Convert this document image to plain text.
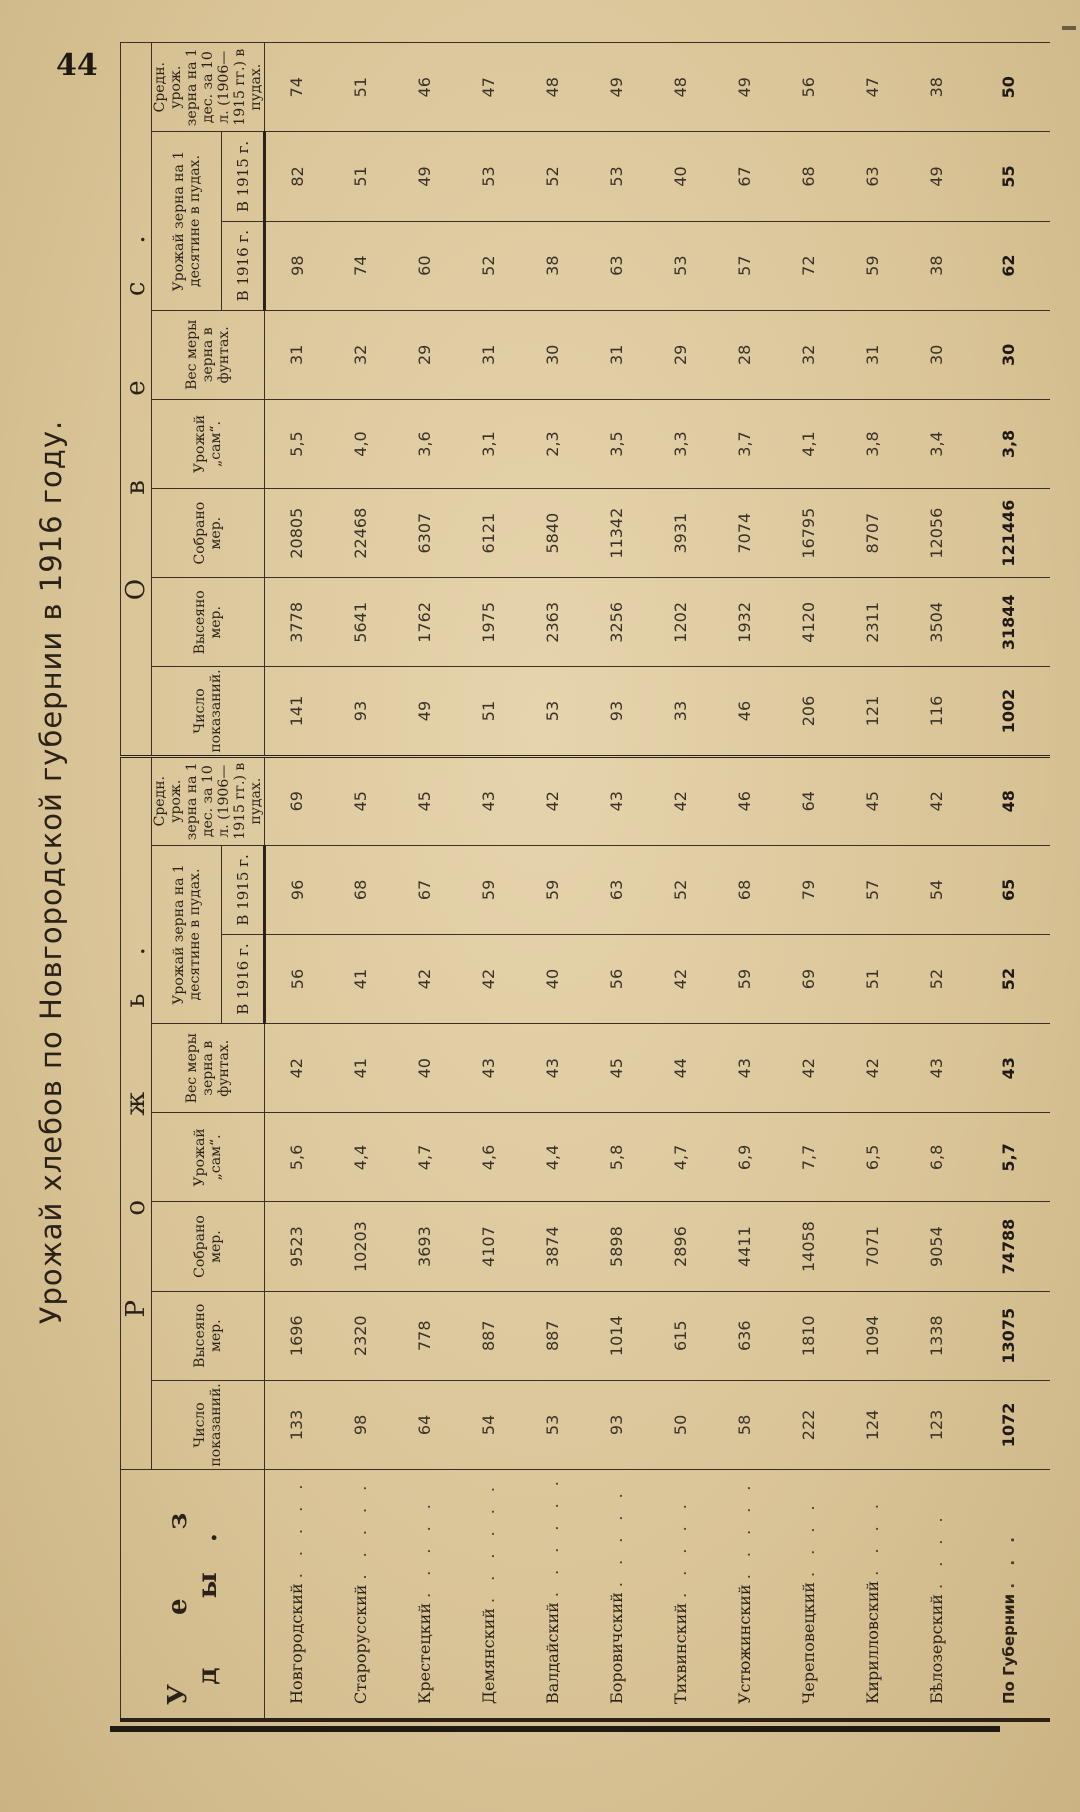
44
Урожай хлебов по Новгородской губернии в 1916 году.
У е з д ы.	Р о ж ь.								О в е с.							
	Число показаний.	Высеяно мер.	Собрано мер.	Урожай „сам“.	Вес меры зерна в фунтах.	Урожай зерна на 1 десятине в пудах.		Средн. урож. зерна на 1 дес. за 10 л. (1906—1915 гг.) в пудах.	Число показаний.	Высеяно мер.	Собрано мер.	Урожай „сам“.	Вес меры зерна в фунтах.	Урожай зерна на 1 десятине в пудах.		Средн. урож. зерна на 1 дес. за 10 л. (1906—1915 гг.) в пудах.
						В 1916 г.	В 1915 г.							В 1916 г.	В 1915 г.	
Новгородский . . . . .	133	1696	9523	5,6	42	56	96	69	141	3778	20805	5,5	31	98	82	74
Старорусский . . . . .	98	2320	10203	4,4	41	41	68	45	93	5641	22468	4,0	32	74	51	51
Крестецкий . . . . .	64	778	3693	4,7	40	42	67	45	49	1762	6307	3,6	29	60	49	46
Демянский . . . . . .	54	887	4107	4,6	43	42	59	43	51	1975	6121	3,1	31	52	53	47
Валдайский . . . . . .	53	887	3874	4,4	43	40	59	42	53	2363	5840	2,3	30	38	52	48
Боровичский . . . . .	93	1014	5898	5,8	45	56	63	43	93	3256	11342	3,5	31	63	53	49
Тихвинский . . . . .	50	615	2896	4,7	44	42	52	42	33	1202	3931	3,3	29	53	40	48
Устюжинский . . . . .	58	636	4411	6,9	43	59	68	46	46	1932	7074	3,7	28	57	67	49
Череповецкий . . . .	222	1810	14058	7,7	42	69	79	64	206	4120	16795	4,1	32	72	68	56
Кирилловский . . . .	124	1094	7071	6,5	42	51	57	45	121	2311	8707	3,8	31	59	63	47
Бѣлозерский . . . .	123	1338	9054	6,8	43	52	54	42	116	3504	12056	3,4	30	38	49	38
По Губернии . . .	1072	13075	74788	5,7	43	52	65	48	1002	31844	121446	3,8	30	62	55	50
